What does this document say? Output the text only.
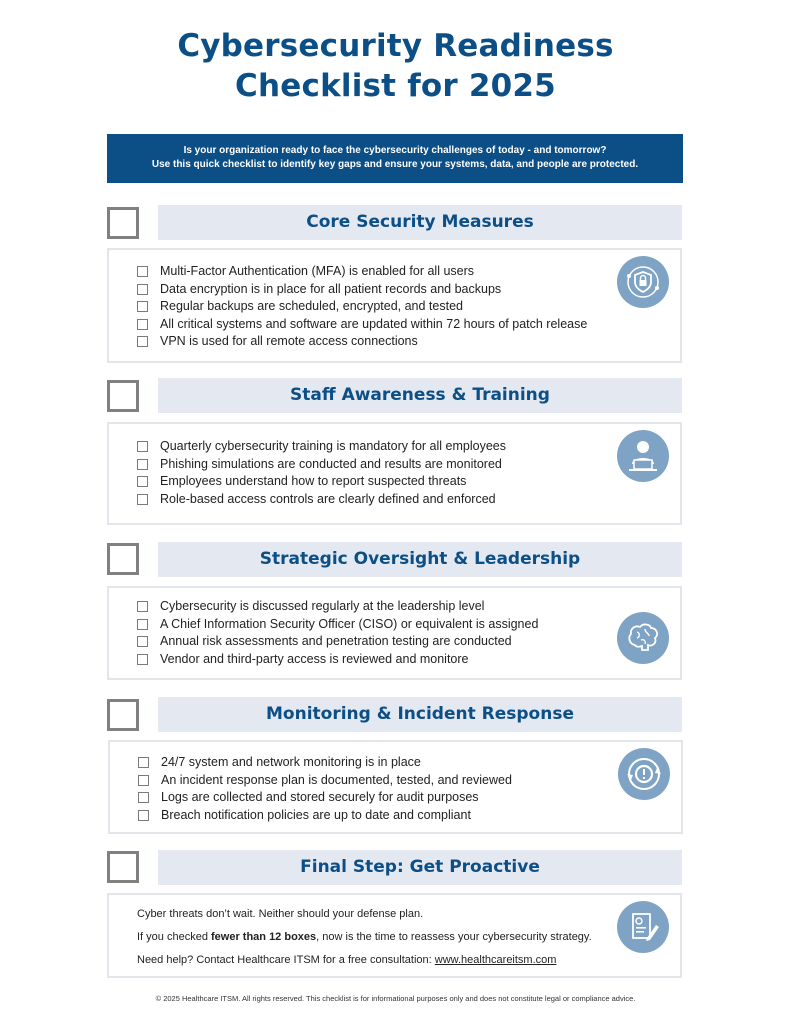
Cybersecurity Readiness
Checklist for 2025
Is your organization ready to face the cybersecurity challenges of today - and tomorrow?
Use this quick checklist to identify key gaps and ensure your systems, data, and people are protected.
Core Security Measures
Multi-Factor Authentication (MFA) is enabled for all users
Data encryption is in place for all patient records and backups
Regular backups are scheduled, encrypted, and tested
All critical systems and software are updated within 72 hours of patch release
VPN is used for all remote access connections
Staff Awareness & Training
Quarterly cybersecurity training is mandatory for all employees
Phishing simulations are conducted and results are monitored
Employees understand how to report suspected threats
Role-based access controls are clearly defined and enforced
Strategic Oversight & Leadership
Cybersecurity is discussed regularly at the leadership level
A Chief Information Security Officer (CISO) or equivalent is assigned
Annual risk assessments and penetration testing are conducted
Vendor and third-party access is reviewed and monitore
Monitoring & Incident Response
24/7 system and network monitoring is in place
An incident response plan is documented, tested, and reviewed
Logs are collected and stored securely for audit purposes
Breach notification policies are up to date and compliant
Final Step: Get Proactive
Cyber threats don’t wait. Neither should your defense plan.
If you checked fewer than 12 boxes, now is the time to reassess your cybersecurity strategy.
Need help? Contact Healthcare ITSM for a free consultation: www.healthcareitsm.com
© 2025 Healthcare ITSM. All rights reserved. This checklist is for informational purposes only and does not constitute legal or compliance advice.
